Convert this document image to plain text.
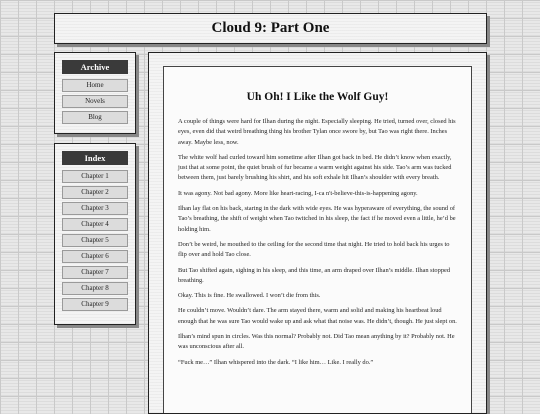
Cloud 9: Part One
Archive
Home
Novels
Blog
Index
Chapter 1
Chapter 2
Chapter 3
Chapter 4
Chapter 5
Chapter 6
Chapter 7
Chapter 8
Chapter 9
Uh Oh! I Like the Wolf Guy!

A couple of things were hard for Ilhan during the night. Especially sleeping. He tried, turned over, closed his eyes, even did that weird breathing thing his brother Tylan once swore by, but Tao was right there. Inches away. Maybe less, now.

The white wolf had curled toward him sometime after Ilhan got back in bed. He didn’t know when exactly, just that at some point, the quiet brush of fur became a warm weight against his side. Tao’s arm was tucked between them, just barely brushing his shirt, and his soft exhale hit Ilhan’s shoulder with every breath.

It was agony. Not bad agony. More like heart-racing, I-ca n't-believe-this-is-happening agony.

Ilhan lay flat on his back, staring in the dark with wide eyes. He was hyperaware of everything, the sound of Tao’s breathing, the shift of weight when Tao twitched in his sleep, the fact if he moved even a little, he’d be holding him.

Don’t be weird, he mouthed to the ceiling for the second time that night. He tried to hold back his urges to flip over and hold Tao close.

But Tao shifted again, sighing in his sleep, and this time, an arm draped over Ilhan’s middle. Ilhan stopped breathing.

Okay. This is fine. He swallowed. I won’t die from this.

He couldn’t move. Wouldn’t dare. The arm stayed there, warm and solid and making his heartbeat loud enough that he was sure Tao would wake up and ask what that noise was. He didn’t, though. He just slept on.

Ilhan’s mind spun in circles. Was this normal? Probably not. Did Tao mean anything by it? Probably not. He was unconscious after all.

“Fuck me…” Ilhan whispered into the dark. “I like him… Like. I really do.”
